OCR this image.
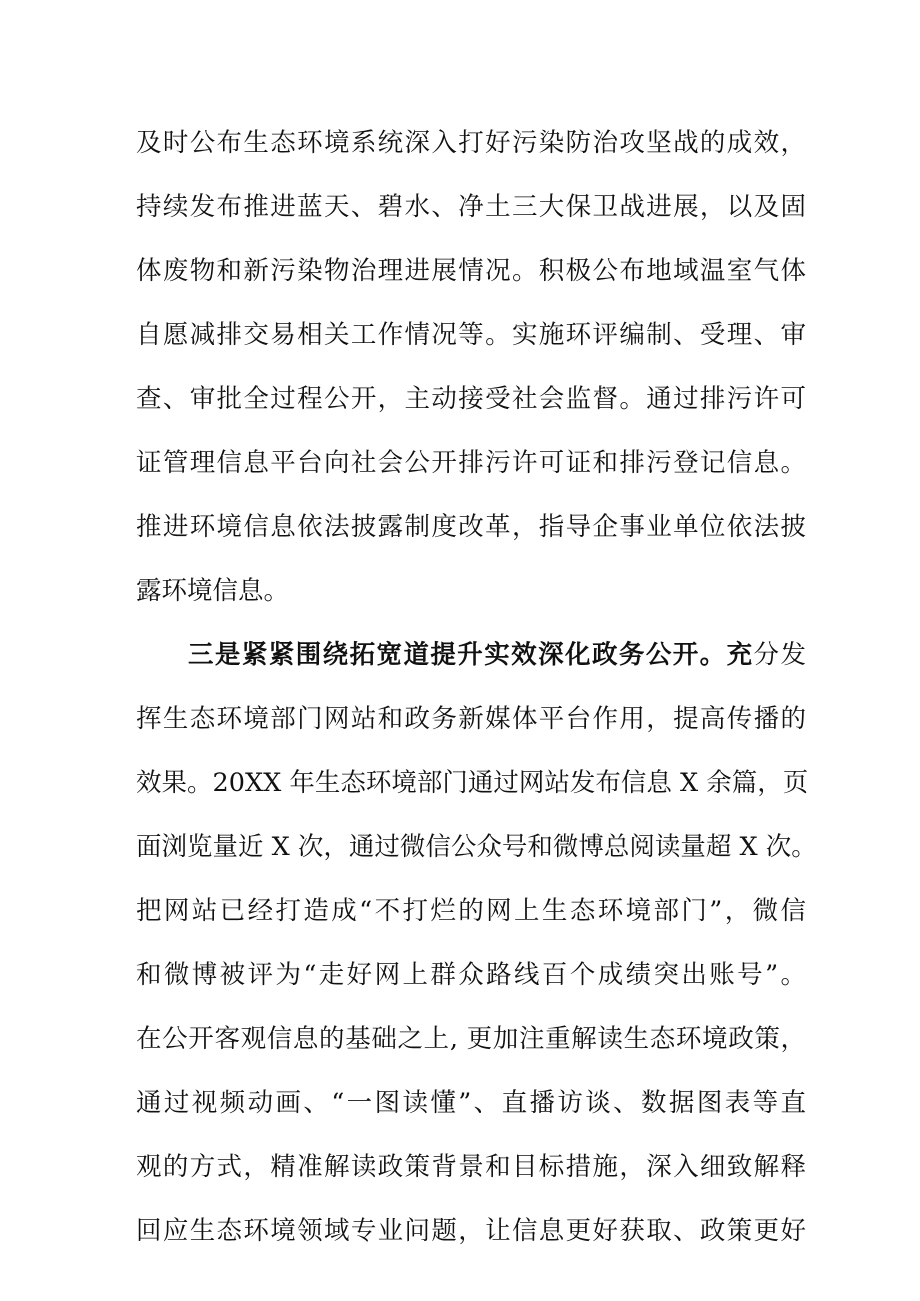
及时公布生态环境系统深入打好污染防治攻坚战的成效，
持续发布推进蓝天、碧水、净土三大保卫战进展，以及固
体废物和新污染物治理进展情况。积极公布地域温室气体
自愿减排交易相关工作情况等。实施环评编制、受理、审
查、审批全过程公开，主动接受社会监督。通过排污许可
证管理信息平台向社会公开排污许可证和排污登记信息。
推进环境信息依法披露制度改革，指导企事业单位依法披
露环境信息。
三是紧紧围绕拓宽道提升实效深化政务公开。充分发
挥生态环境部门网站和政务新媒体平台作用，提高传播的
效果。20XX 年生态环境部门通过网站发布信息 X 余篇，页
面浏览量近 X 次，通过微信公众号和微博总阅读量超 X 次。
把网站已经打造成“不打烂的网上生态环境部门”，微信
和微博被评为“走好网上群众路线百个成绩突出账号”。
在公开客观信息的基础之上, 更加注重解读生态环境政策，
通过视频动画、“一图读懂”、直播访谈、数据图表等直
观的方式，精准解读政策背景和目标措施，深入细致解释
回应生态环境领域专业问题，让信息更好获取、政策更好
